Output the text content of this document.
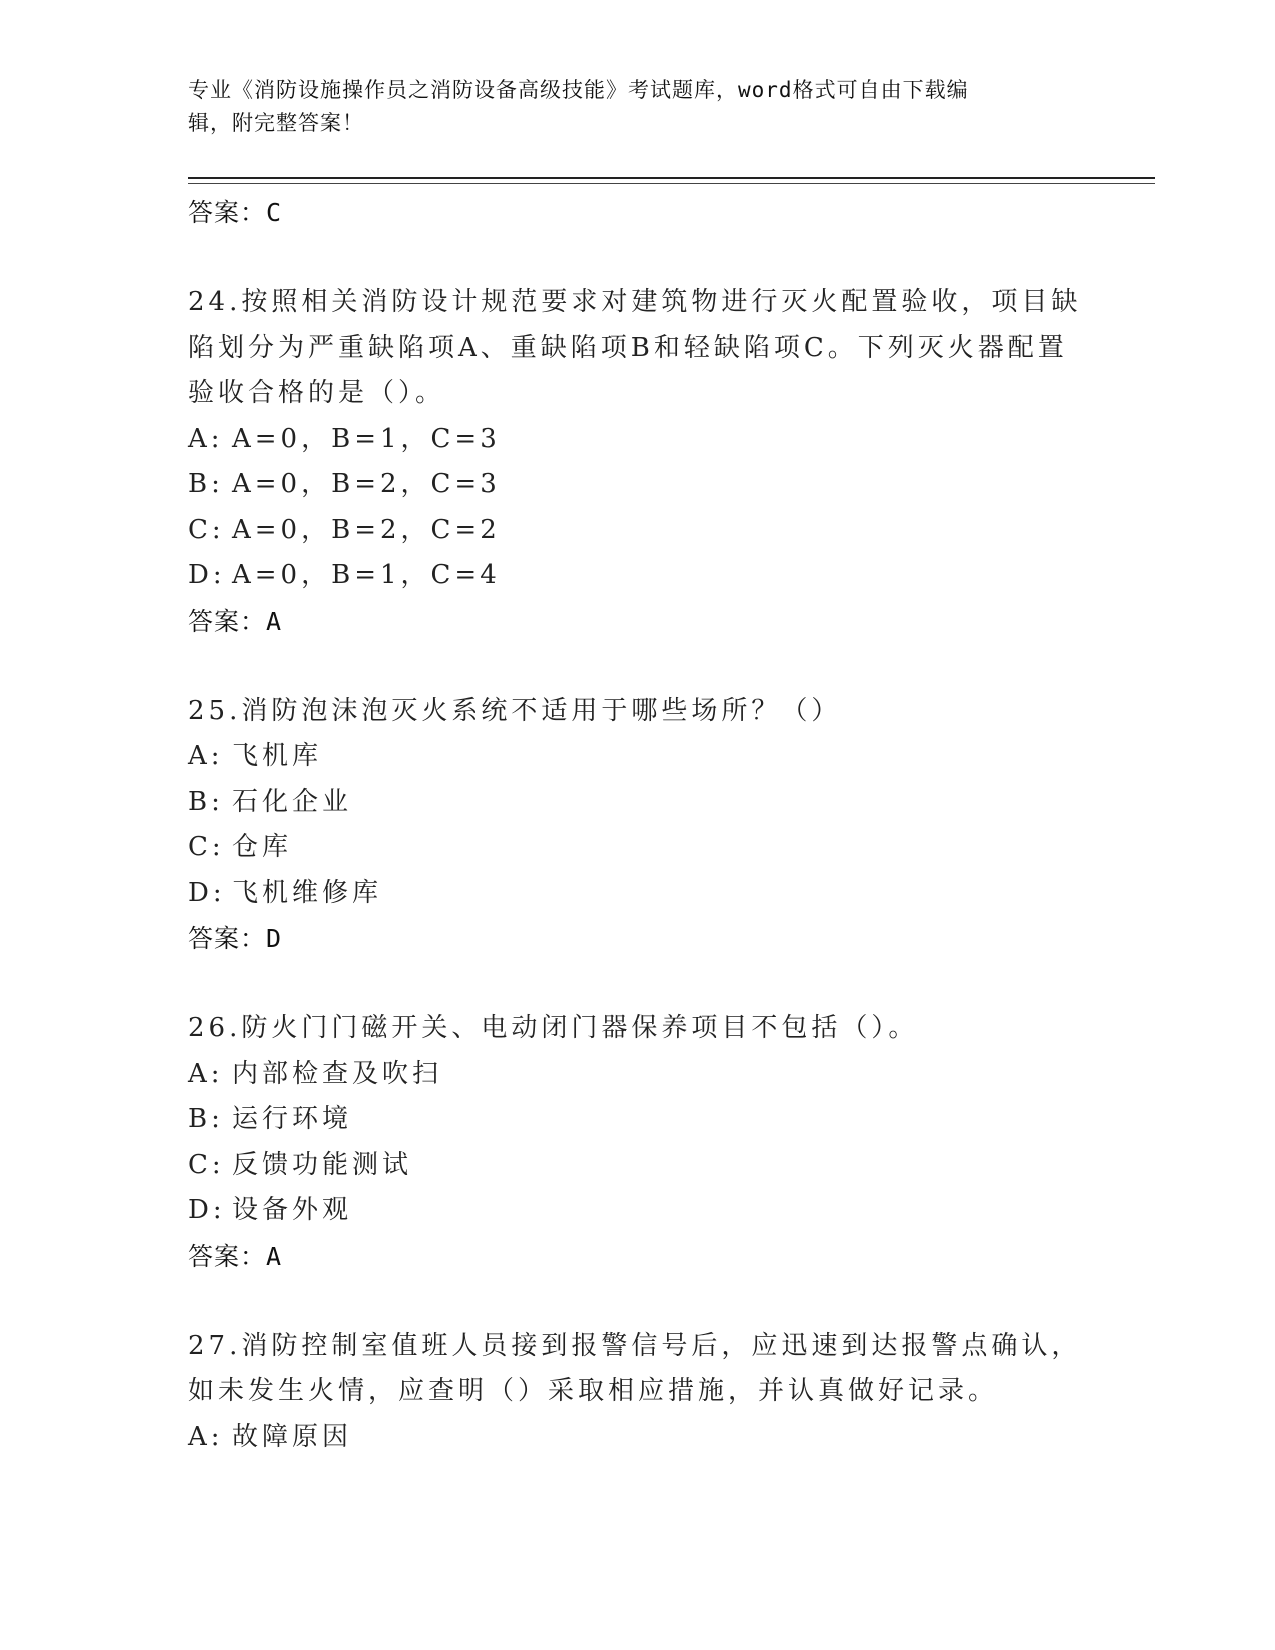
专业《消防设施操作员之消防设备高级技能》考试题库，word格式可自由下载编
辑，附完整答案！
答案：C
24.按照相关消防设计规范要求对建筑物进行灭火配置验收，项目缺陷划分为严重缺陷项A、重缺陷项B和轻缺陷项C。下列灭火器配置验收合格的是（）。
A: A=0，B=1，C=3
B: A=0，B=2，C=3
C: A=0，B=2，C=2
D: A=0，B=1，C=4
答案：A
25.消防泡沫泡灭火系统不适用于哪些场所？（）
A: 飞机库
B: 石化企业
C: 仓库
D: 飞机维修库
答案：D
26.防火门门磁开关、电动闭门器保养项目不包括（）。
A: 内部检查及吹扫
B: 运行环境
C: 反馈功能测试
D: 设备外观
答案：A
27.消防控制室值班人员接到报警信号后，应迅速到达报警点确认，如未发生火情，应查明（）采取相应措施，并认真做好记录。
A: 故障原因
